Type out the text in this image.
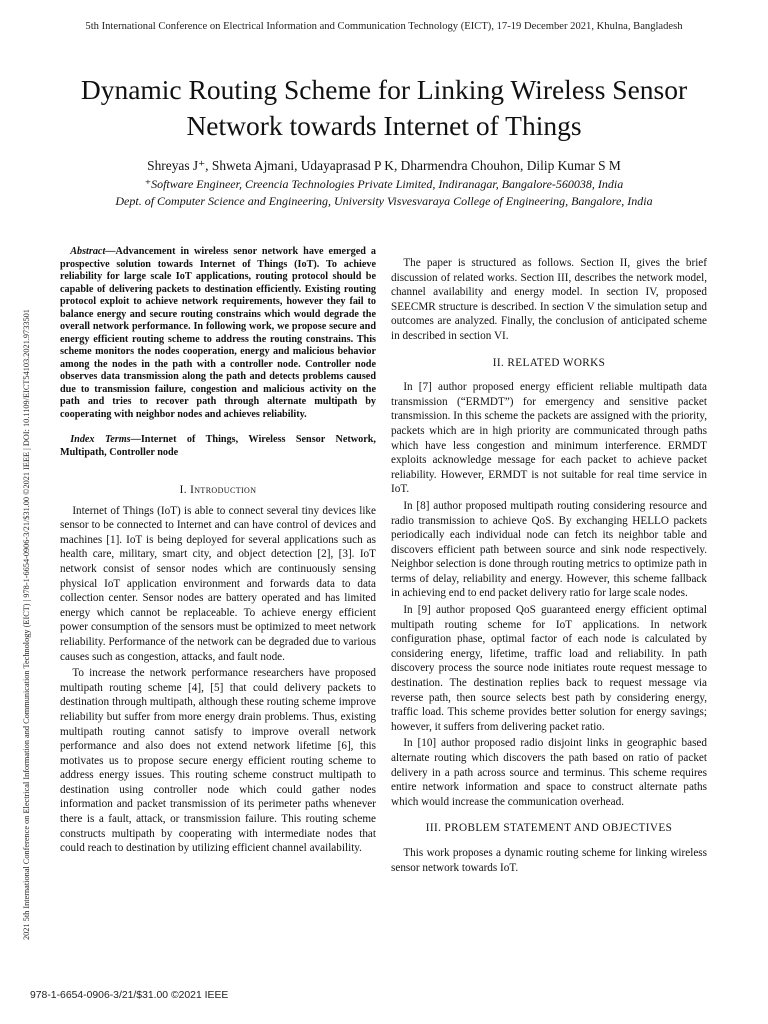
5th International Conference on Electrical Information and Communication Technology (EICT), 17-19 December 2021, Khulna, Bangladesh
2021 5th International Conference on Electrical Information and Communication Technology (EICT) | 978-1-6654-0906-3/21/$31.00 ©2021 IEEE | DOI: 10.1109/EICT54103.2021.9733501
Dynamic Routing Scheme for Linking Wireless Sensor Network towards Internet of Things
Shreyas J⁺, Shweta Ajmani, Udayaprasad P K, Dharmendra Chouhon, Dilip Kumar S M
⁺Software Engineer, Creencia Technologies Private Limited, Indiranagar, Bangalore-560038, India
Dept. of Computer Science and Engineering, University Visvesvaraya College of Engineering, Bangalore, India

Abstract—Advancement in wireless senor network have emerged a prospective solution towards Internet of Things (IoT). To achieve reliability for large scale IoT applications, routing protocol should be capable of delivering packets to destination efficiently. Existing routing protocol exploit to achieve network requirements, however they fail to balance energy and secure routing constrains which would degrade the overall network performance. In following work, we propose secure and energy efficient routing scheme to address the routing constrains. This scheme monitors the nodes cooperation, energy and malicious behavior among the nodes in the path with a controller node. Controller node observes data transmission along the path and detects problems caused due to transmission failure, congestion and malicious activity on the path and tries to recover path through alternate multipath by cooperating with neighbor nodes and achieves reliability.

Index Terms—Internet of Things, Wireless Sensor Network, Multipath, Controller node

I. Introduction

Internet of Things (IoT) is able to connect several tiny devices like sensor to be connected to Internet and can have control of devices and machines [1]. IoT is being deployed for several applications such as health care, military, smart city, and object detection [2], [3]. IoT network consist of sensor nodes which are continuously sensing physical IoT application environment and forwards data to data collection center. Sensor nodes are battery operated and has limited energy which cannot be replaceable. To achieve energy efficient power consumption of the sensors must be optimized to meet network reliability. Performance of the network can be degraded due to various causes such as congestion, attacks, and fault node.

To increase the network performance researchers have proposed multipath routing scheme [4], [5] that could delivery packets to destination through multipath, although these routing scheme improve reliability but suffer from more energy drain problems. Thus, existing multipath routing cannot satisfy to improve overall network performance and also does not extend network lifetime [6], this motivates us to propose secure energy efficient routing scheme to address energy issues. This routing scheme construct multipath to destination using controller node which could gather nodes information and packet transmission of its perimeter paths whenever there is a fault, attack, or transmission failure. This routing scheme constructs multipath by cooperating with intermediate nodes that could reach to destination by utilizing efficient channel availability.

The paper is structured as follows. Section II, gives the brief discussion of related works. Section III, describes the network model, channel availability and energy model. In section IV, proposed SEECMR structure is described. In section V the simulation setup and outcomes are analyzed. Finally, the conclusion of anticipated scheme in described in section VI.

II. RELATED WORKS

In [7] author proposed energy efficient reliable multipath data transmission (“ERMDT”) for emergency and sensitive packet transmission. In this scheme the packets are assigned with the priority, packets which are in high priority are communicated through paths which have less congestion and minimum interference. ERMDT exploits acknowledge message for each packet to achieve packet reliability. However, ERMDT is not suitable for real time service in IoT.

In [8] author proposed multipath routing considering resource and radio transmission to achieve QoS. By exchanging HELLO packets periodically each individual node can fetch its neighbor table and discovers efficient path between source and sink node respectively. Neighbor selection is done through routing metrics to optimize path in terms of delay, reliability and energy. However, this scheme fallback in achieving end to end packet delivery ratio for large scale nodes.

In [9] author proposed QoS guaranteed energy efficient optimal multipath routing scheme for IoT applications. In network configuration phase, optimal factor of each node is calculated by considering energy, lifetime, traffic load and reliability. In path discovery process the source node initiates route request message to destination. The destination replies back to request message via reverse path, then source selects best path by considering energy, traffic load. This scheme provides better solution for energy savings; however, it suffers from delivering packet ratio.

In [10] author proposed radio disjoint links in geographic based alternate routing which discovers the path based on ratio of packet delivery in a path across source and terminus. This scheme requires entire network information and space to construct alternate paths which would increase the communication overhead.

III. PROBLEM STATEMENT AND OBJECTIVES

This work proposes a dynamic routing scheme for linking wireless sensor network towards IoT.

978-1-6654-0906-3/21/$31.00 ©2021 IEEE
